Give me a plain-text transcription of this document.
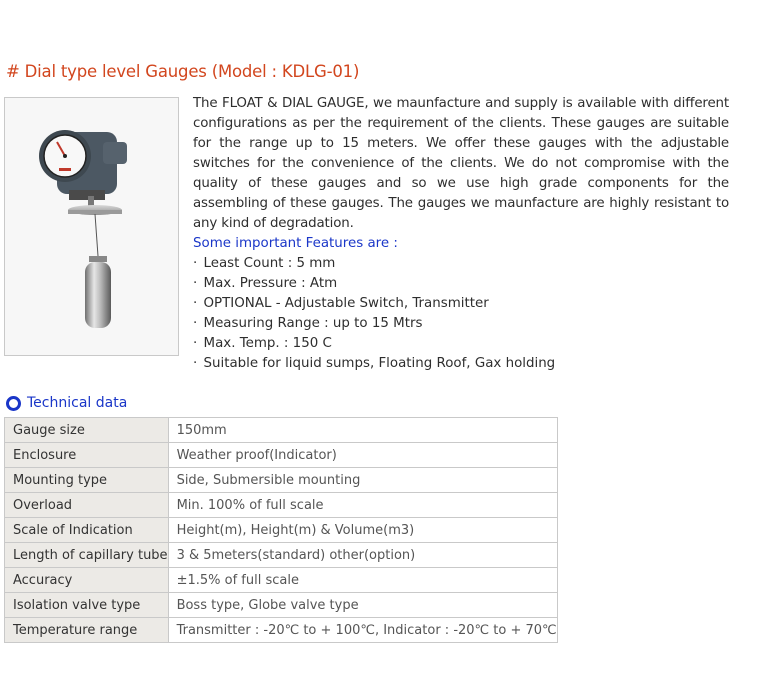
# Dial type level Gauges (Model : KDLG-01)
The FLOAT & DIAL GAUGE, we maunfacture and supply is available with different configurations as per the requirement of the clients. These gauges are suitable for the range up to 15 meters. We offer these gauges with the adjustable switches for the convenience of the clients. We do not compromise with the quality of these gauges and so we use high grade components for the assembling of these gauges. The gauges we maunfacture are highly resistant to any kind of degradation.
Some important Features are :
· Least Count : 5 mm
· Max. Pressure : Atm
· OPTIONAL - Adjustable Switch, Transmitter
· Measuring Range : up to 15 Mtrs
· Max. Temp. : 150 C
· Suitable for liquid sumps, Floating Roof, Gax holding
Technical data
Gauge size	150mm
Enclosure	Weather proof(Indicator)
Mounting type	Side, Submersible mounting
Overload	Min. 100% of full scale
Scale of Indication	Height(m), Height(m) & Volume(m3)
Length of capillary tube	3 & 5meters(standard) other(option)
Accuracy	±1.5% of full scale
Isolation valve type	Boss type, Globe valve type
Temperature range	Transmitter : -20℃ to + 100℃, Indicator : -20℃ to + 70℃
